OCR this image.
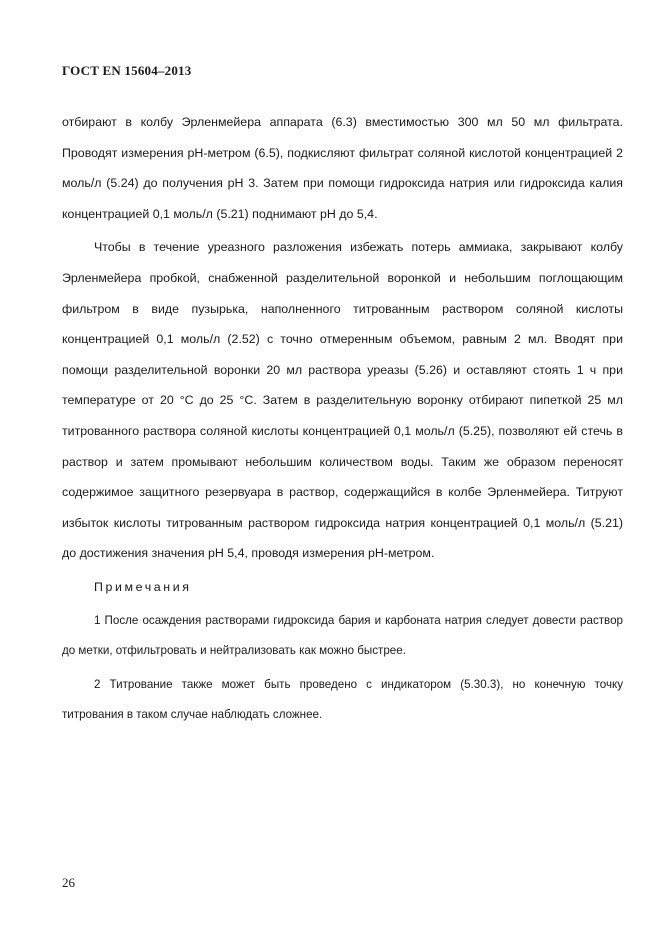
ГОСТ EN 15604–2013

отбирают в колбу Эрленмейера аппарата (6.3) вместимостью 300 мл 50 мл фильтрата. Проводят измерения pH-метром (6.5), подкисляют фильтрат соляной кислотой концентрацией 2 моль/л (5.24) до получения pH 3. Затем при помощи гидроксида натрия или гидроксида калия концентрацией 0,1 моль/л (5.21) поднимают pH до 5,4.

Чтобы в течение уреазного разложения избежать потерь аммиака, закрывают колбу Эрленмейера пробкой, снабженной разделительной воронкой и небольшим поглощающим фильтром в виде пузырька, наполненного титрованным раствором соляной кислоты концентрацией 0,1 моль/л (2.52) с точно отмеренным объемом, равным 2 мл. Вводят при помощи разделительной воронки 20 мл раствора уреазы (5.26) и оставляют стоять 1 ч при температуре от 20 °С до 25 °С. Затем в разделительную воронку отбирают пипеткой 25 мл титрованного раствора соляной кислоты концентрацией 0,1 моль/л (5.25), позволяют ей стечь в раствор и затем промывают небольшим количеством воды. Таким же образом переносят содержимое защитного резервуара в раствор, содержащийся в колбе Эрленмейера. Титруют избыток кислоты титрованным раствором гидроксида натрия концентрацией 0,1 моль/л (5.21) до достижения значения pH 5,4, проводя измерения pH-метром.

Примечания

1 После осаждения растворами гидроксида бария и карбоната натрия следует довести раствор до метки, отфильтровать и нейтрализовать как можно быстрее.

2 Титрование также может быть проведено с индикатором (5.30.3), но конечную точку титрования в таком случае наблюдать сложнее.

26
